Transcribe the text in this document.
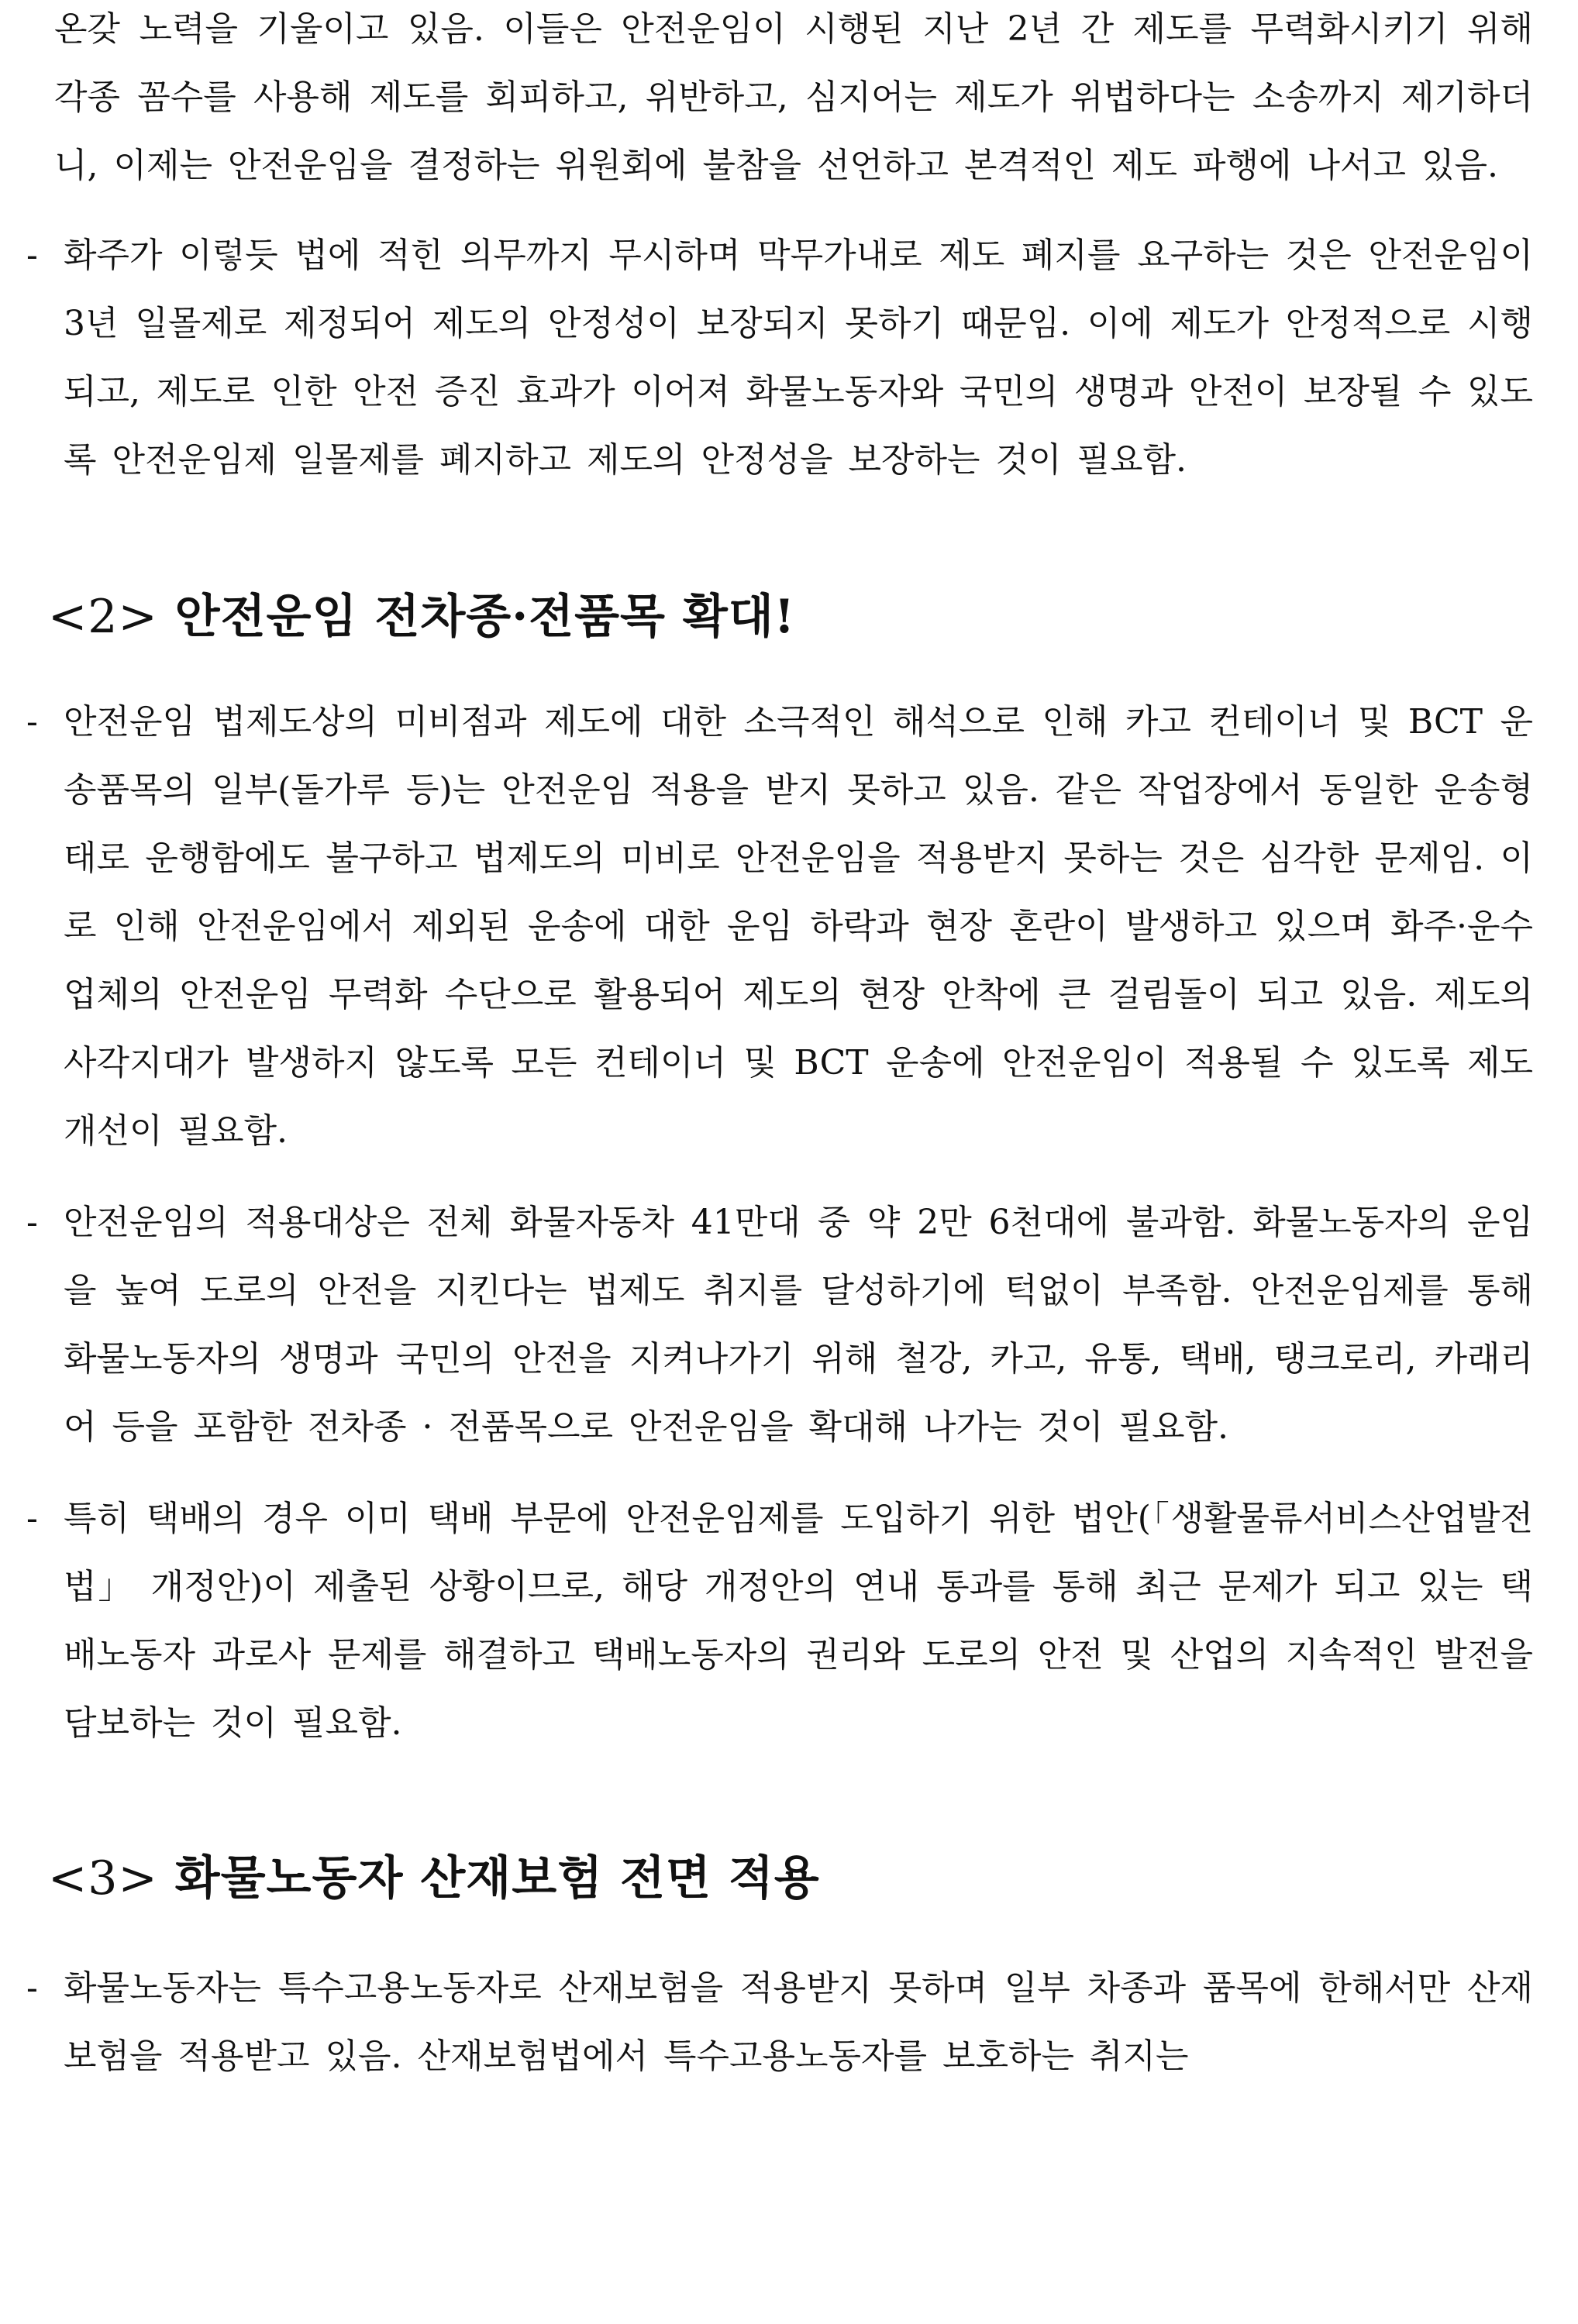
온갖 노력을 기울이고 있음. 이들은 안전운임이 시행된 지난 2년 간 제도를 무력화시키기 위해 각종 꼼수를 사용해 제도를 회피하고, 위반하고, 심지어는 제도가 위법하다는 소송까지 제기하더니, 이제는 안전운임을 결정하는 위원회에 불참을 선언하고 본격적인 제도 파행에 나서고 있음.

- 화주가 이렇듯 법에 적힌 의무까지 무시하며 막무가내로 제도 폐지를 요구하는 것은 안전운임이 3년 일몰제로 제정되어 제도의 안정성이 보장되지 못하기 때문임. 이에 제도가 안정적으로 시행되고, 제도로 인한 안전 증진 효과가 이어져 화물노동자와 국민의 생명과 안전이 보장될 수 있도록 안전운임제 일몰제를 폐지하고 제도의 안정성을 보장하는 것이 필요함.

<2> 안전운임 전차종·전품목 확대!

- 안전운임 법제도상의 미비점과 제도에 대한 소극적인 해석으로 인해 카고 컨테이너 및 BCT 운송품목의 일부(돌가루 등)는 안전운임 적용을 받지 못하고 있음. 같은 작업장에서 동일한 운송형태로 운행함에도 불구하고 법제도의 미비로 안전운임을 적용받지 못하는 것은 심각한 문제임. 이로 인해 안전운임에서 제외된 운송에 대한 운임 하락과 현장 혼란이 발생하고 있으며 화주·운수업체의 안전운임 무력화 수단으로 활용되어 제도의 현장 안착에 큰 걸림돌이 되고 있음. 제도의 사각지대가 발생하지 않도록 모든 컨테이너 및 BCT 운송에 안전운임이 적용될 수 있도록 제도개선이 필요함.

- 안전운임의 적용대상은 전체 화물자동차 41만대 중 약 2만 6천대에 불과함. 화물노동자의 운임을 높여 도로의 안전을 지킨다는 법제도 취지를 달성하기에 턱없이 부족함. 안전운임제를 통해 화물노동자의 생명과 국민의 안전을 지켜나가기 위해 철강, 카고, 유통, 택배, 탱크로리, 카래리어 등을 포함한 전차종 · 전품목으로 안전운임을 확대해 나가는 것이 필요함.

- 특히 택배의 경우 이미 택배 부문에 안전운임제를 도입하기 위한 법안(「생활물류서비스산업발전법」 개정안)이 제출된 상황이므로, 해당 개정안의 연내 통과를 통해 최근 문제가 되고 있는 택배노동자 과로사 문제를 해결하고 택배노동자의 권리와 도로의 안전 및 산업의 지속적인 발전을 담보하는 것이 필요함.

<3> 화물노동자 산재보험 전면 적용

- 화물노동자는 특수고용노동자로 산재보험을 적용받지 못하며 일부 차종과 품목에 한해서만 산재보험을 적용받고 있음. 산재보험법에서 특수고용노동자를 보호하는 취지는
